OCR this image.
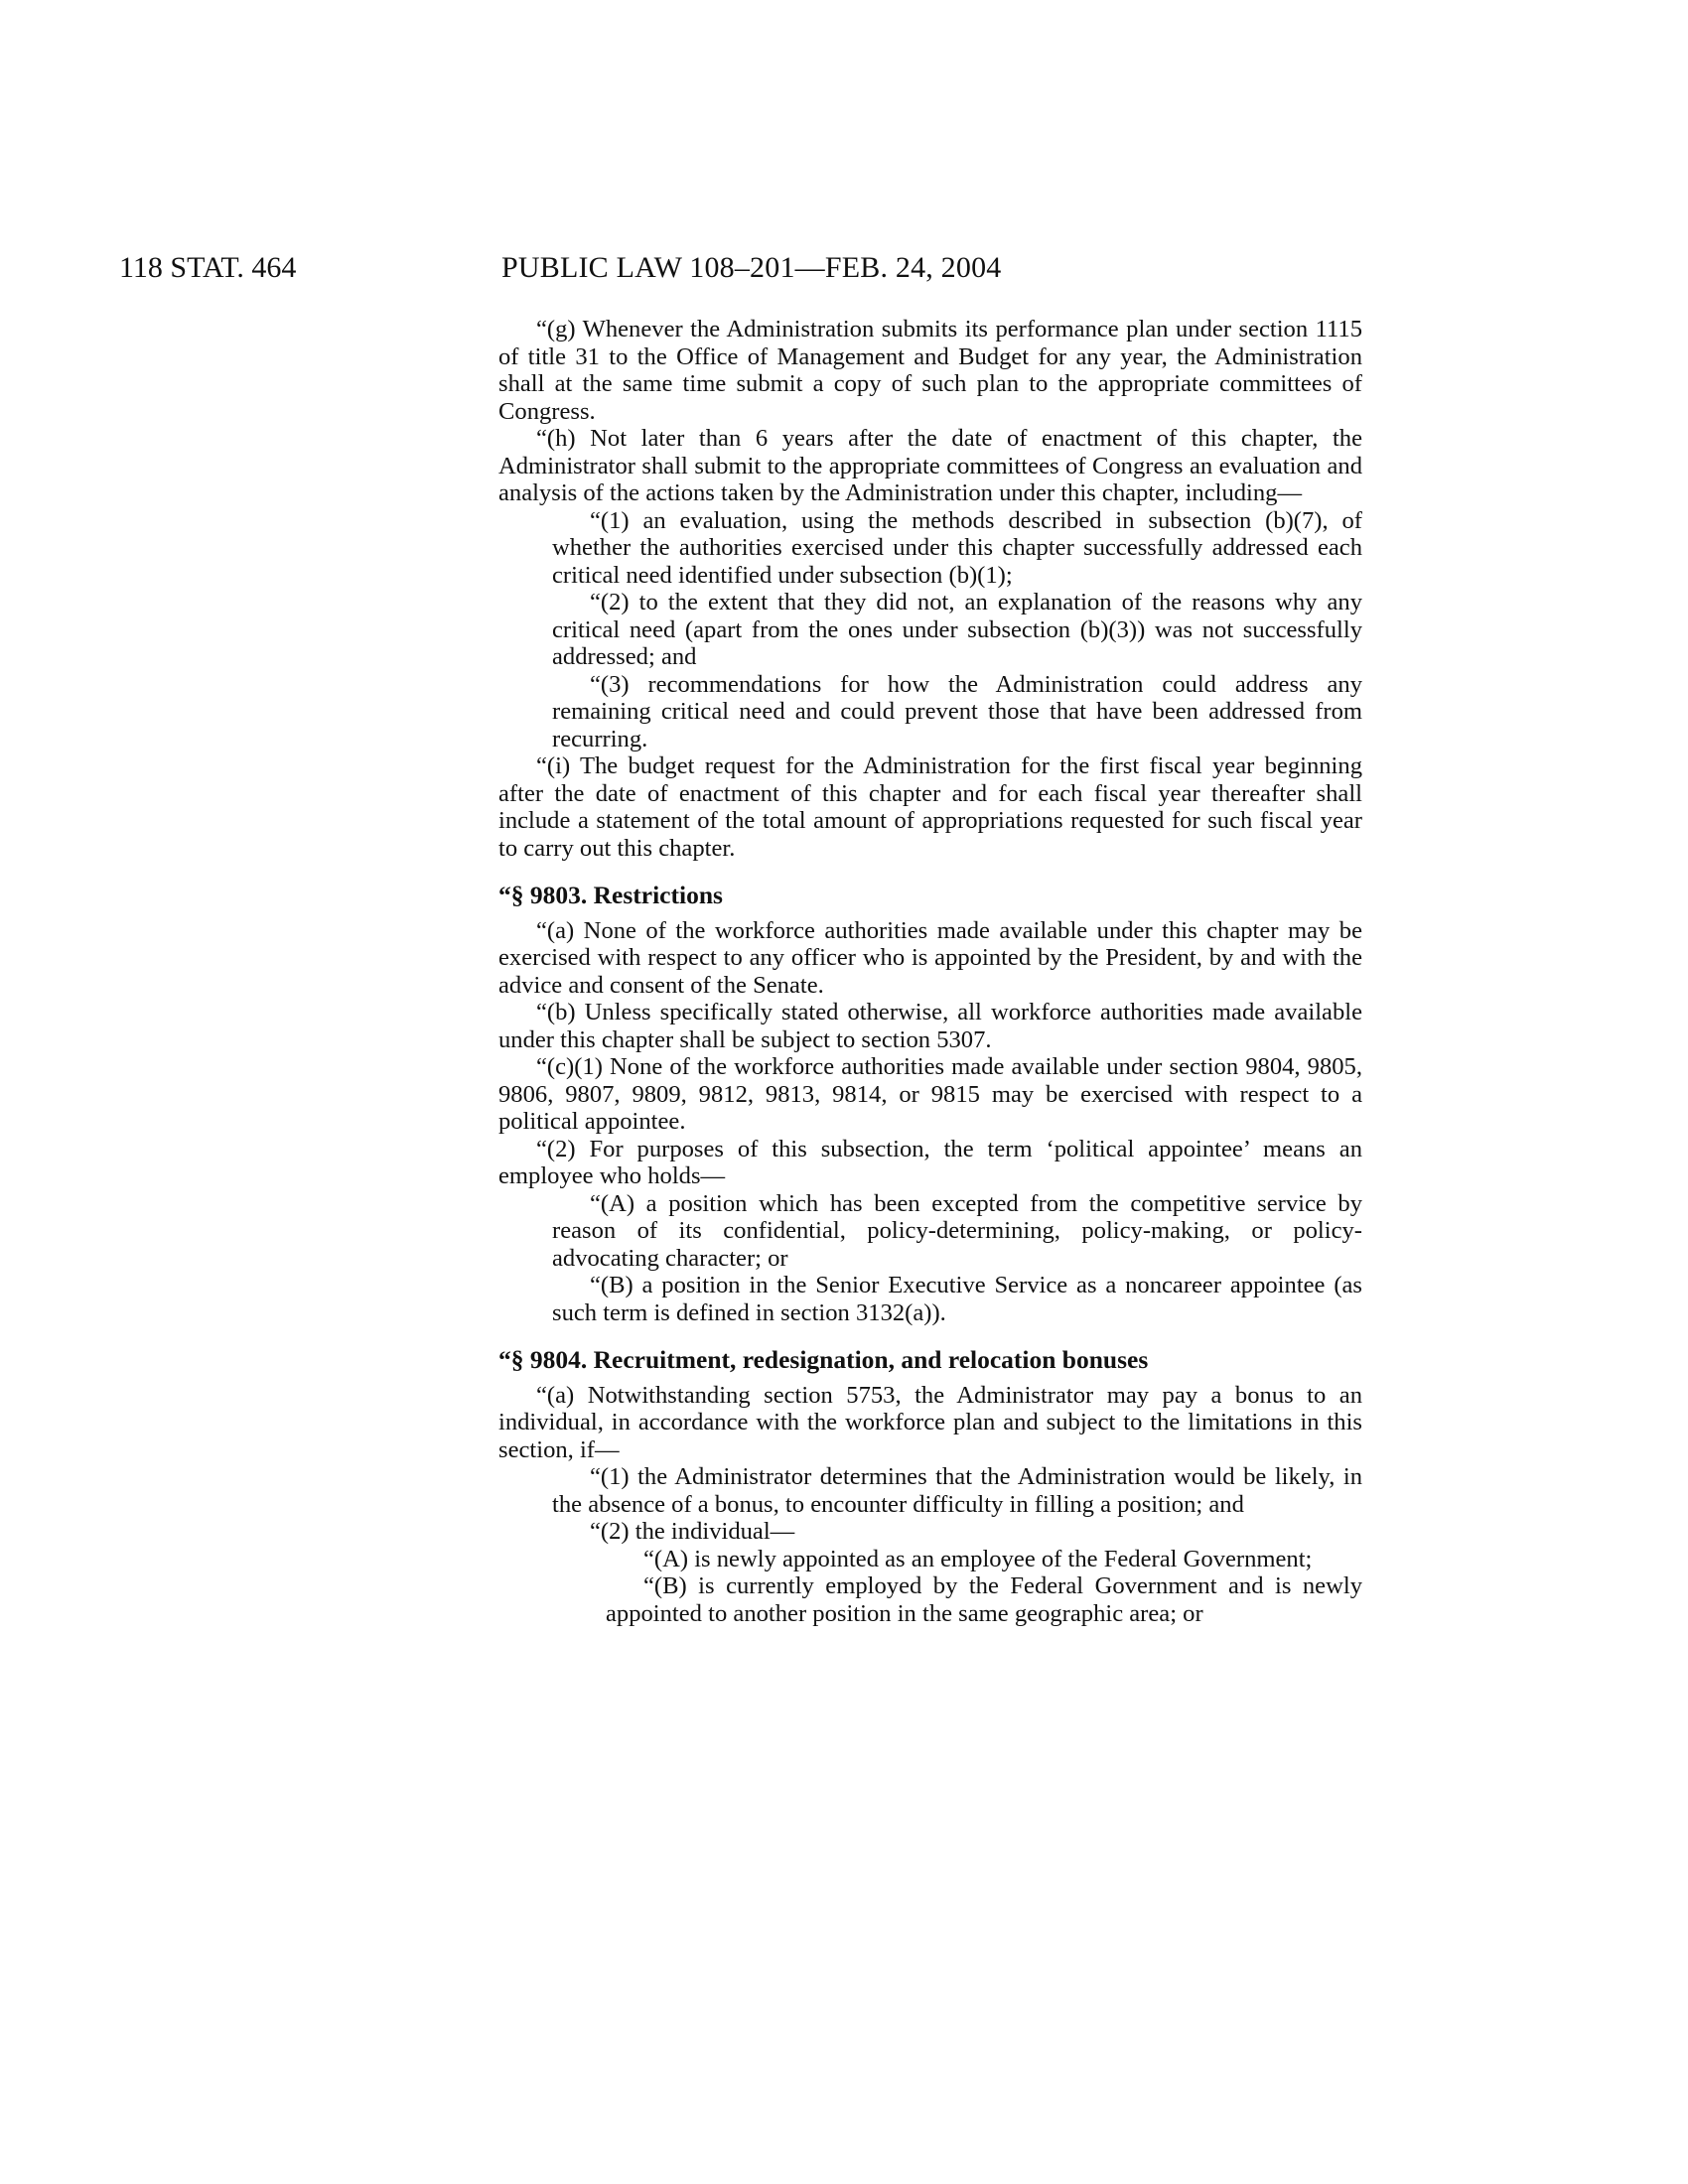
118 STAT. 464	PUBLIC LAW 108–201—FEB. 24, 2004

“(g) Whenever the Administration submits its performance plan under section 1115 of title 31 to the Office of Management and Budget for any year, the Administration shall at the same time submit a copy of such plan to the appropriate committees of Congress.

“(h) Not later than 6 years after the date of enactment of this chapter, the Administrator shall submit to the appropriate committees of Congress an evaluation and analysis of the actions taken by the Administration under this chapter, including—

“(1) an evaluation, using the methods described in subsection (b)(7), of whether the authorities exercised under this chapter successfully addressed each critical need identified under subsection (b)(1);

“(2) to the extent that they did not, an explanation of the reasons why any critical need (apart from the ones under subsection (b)(3)) was not successfully addressed; and

“(3) recommendations for how the Administration could address any remaining critical need and could prevent those that have been addressed from recurring.

“(i) The budget request for the Administration for the first fiscal year beginning after the date of enactment of this chapter and for each fiscal year thereafter shall include a statement of the total amount of appropriations requested for such fiscal year to carry out this chapter.

“§ 9803. Restrictions

“(a) None of the workforce authorities made available under this chapter may be exercised with respect to any officer who is appointed by the President, by and with the advice and consent of the Senate.

“(b) Unless specifically stated otherwise, all workforce authorities made available under this chapter shall be subject to section 5307.

“(c)(1) None of the workforce authorities made available under section 9804, 9805, 9806, 9807, 9809, 9812, 9813, 9814, or 9815 may be exercised with respect to a political appointee.

“(2) For purposes of this subsection, the term ‘political appointee’ means an employee who holds—

“(A) a position which has been excepted from the competitive service by reason of its confidential, policy-determining, policy-making, or policy-advocating character; or

“(B) a position in the Senior Executive Service as a noncareer appointee (as such term is defined in section 3132(a)).

“§ 9804. Recruitment, redesignation, and relocation bonuses

“(a) Notwithstanding section 5753, the Administrator may pay a bonus to an individual, in accordance with the workforce plan and subject to the limitations in this section, if—

“(1) the Administrator determines that the Administration would be likely, in the absence of a bonus, to encounter difficulty in filling a position; and

“(2) the individual—

“(A) is newly appointed as an employee of the Federal Government;

“(B) is currently employed by the Federal Government and is newly appointed to another position in the same geographic area; or
